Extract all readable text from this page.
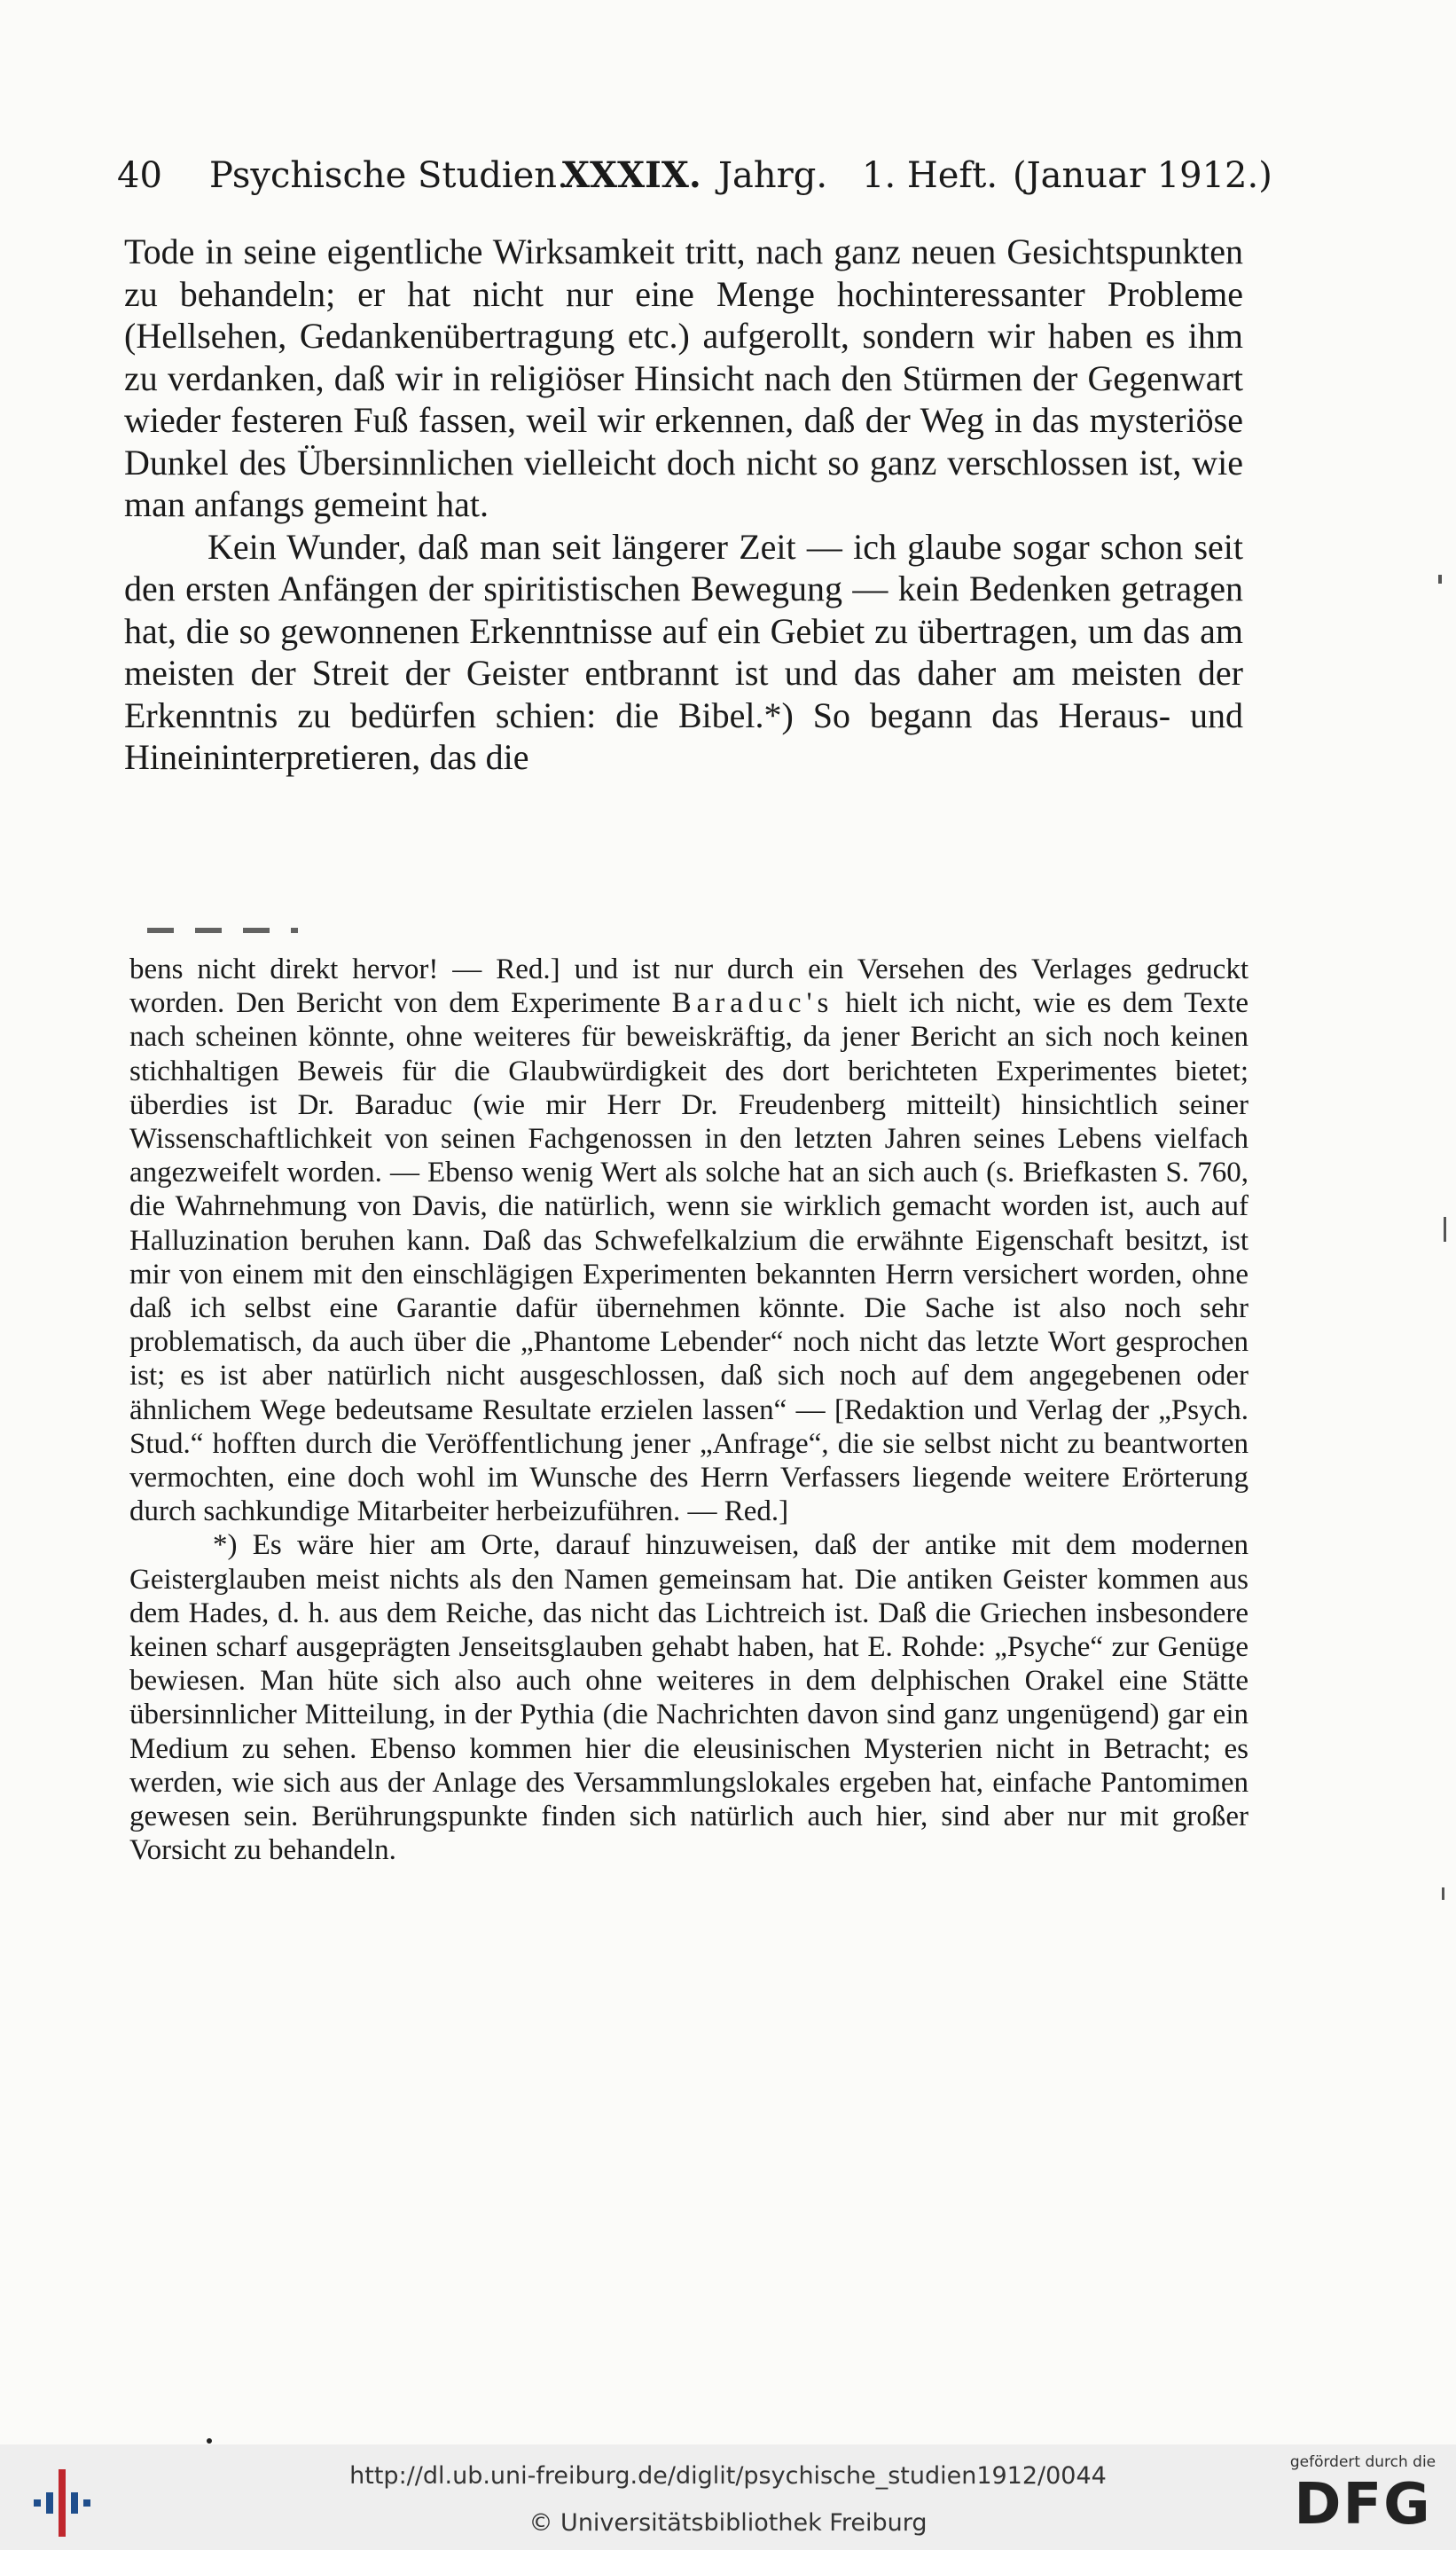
40 Psychische Studien.
XXXIX. Jahrg. 1. Heft. (Januar 1912.)

Tode in seine eigentliche Wirksamkeit tritt, nach ganz neuen Gesichtspunkten zu behandeln; er hat nicht nur eine Menge hochinteressanter Probleme (Hellsehen, Gedankenübertragung etc.) aufgerollt, sondern wir haben es ihm zu verdanken, daß wir in religiöser Hinsicht nach den Stürmen der Gegenwart wieder festeren Fuß fassen, weil wir erkennen, daß der Weg in das mysteriöse Dunkel des Übersinnlichen vielleicht doch nicht so ganz verschlossen ist, wie man anfangs gemeint hat.

Kein Wunder, daß man seit längerer Zeit — ich glaube sogar schon seit den ersten Anfängen der spiritistischen Bewegung — kein Bedenken getragen hat, die so gewonnenen Erkenntnisse auf ein Gebiet zu übertragen, um das am meisten der Streit der Geister entbrannt ist und das daher am meisten der Erkenntnis zu bedürfen schien: die Bibel.*) So begann das Heraus- und Hineininterpretieren, das die

bens nicht direkt hervor! — Red.] und ist nur durch ein Versehen des Verlages gedruckt worden. Den Bericht von dem Experimente Baraduc's hielt ich nicht, wie es dem Texte nach scheinen könnte, ohne weiteres für beweiskräftig, da jener Bericht an sich noch keinen stichhaltigen Beweis für die Glaubwürdigkeit des dort berichteten Experimentes bietet; überdies ist Dr. Baraduc (wie mir Herr Dr. Freudenberg mitteilt) hinsichtlich seiner Wissenschaftlichkeit von seinen Fachgenossen in den letzten Jahren seines Lebens vielfach angezweifelt worden. — Ebenso wenig Wert als solche hat an sich auch (s. Briefkasten S. 760, die Wahrnehmung von Davis, die natürlich, wenn sie wirklich gemacht worden ist, auch auf Halluzination beruhen kann. Daß das Schwefelkalzium die erwähnte Eigenschaft besitzt, ist mir von einem mit den einschlägigen Experimenten bekannten Herrn versichert worden, ohne daß ich selbst eine Garantie dafür übernehmen könnte. Die Sache ist also noch sehr problematisch, da auch über die „Phantome Lebender“ noch nicht das letzte Wort gesprochen ist; es ist aber natürlich nicht ausgeschlossen, daß sich noch auf dem angegebenen oder ähnlichem Wege bedeutsame Resultate erzielen lassen“ — [Redaktion und Verlag der „Psych. Stud.“ hofften durch die Veröffentlichung jener „Anfrage“, die sie selbst nicht zu beantworten vermochten, eine doch wohl im Wunsche des Herrn Verfassers liegende weitere Erörterung durch sachkundige Mitarbeiter herbeizuführen. — Red.]

*) Es wäre hier am Orte, darauf hinzuweisen, daß der antike mit dem modernen Geisterglauben meist nichts als den Namen gemeinsam hat. Die antiken Geister kommen aus dem Hades, d. h. aus dem Reiche, das nicht das Lichtreich ist. Daß die Griechen insbesondere keinen scharf ausgeprägten Jenseitsglauben gehabt haben, hat E. Rohde: „Psyche“ zur Genüge bewiesen. Man hüte sich also auch ohne weiteres in dem delphischen Orakel eine Stätte übersinnlicher Mitteilung, in der Pythia (die Nachrichten davon sind ganz ungenügend) gar ein Medium zu sehen. Ebenso kommen hier die eleusinischen Mysterien nicht in Betracht; es werden, wie sich aus der Anlage des Versammlungslokales ergeben hat, einfache Pantomimen gewesen sein. Berührungspunkte finden sich natürlich auch hier, sind aber nur mit großer Vorsicht zu behandeln.

http://dl.ub.uni-freiburg.de/diglit/psychische_studien1912/0044
© Universitätsbibliothek Freiburg
gefördert durch die
DFG
